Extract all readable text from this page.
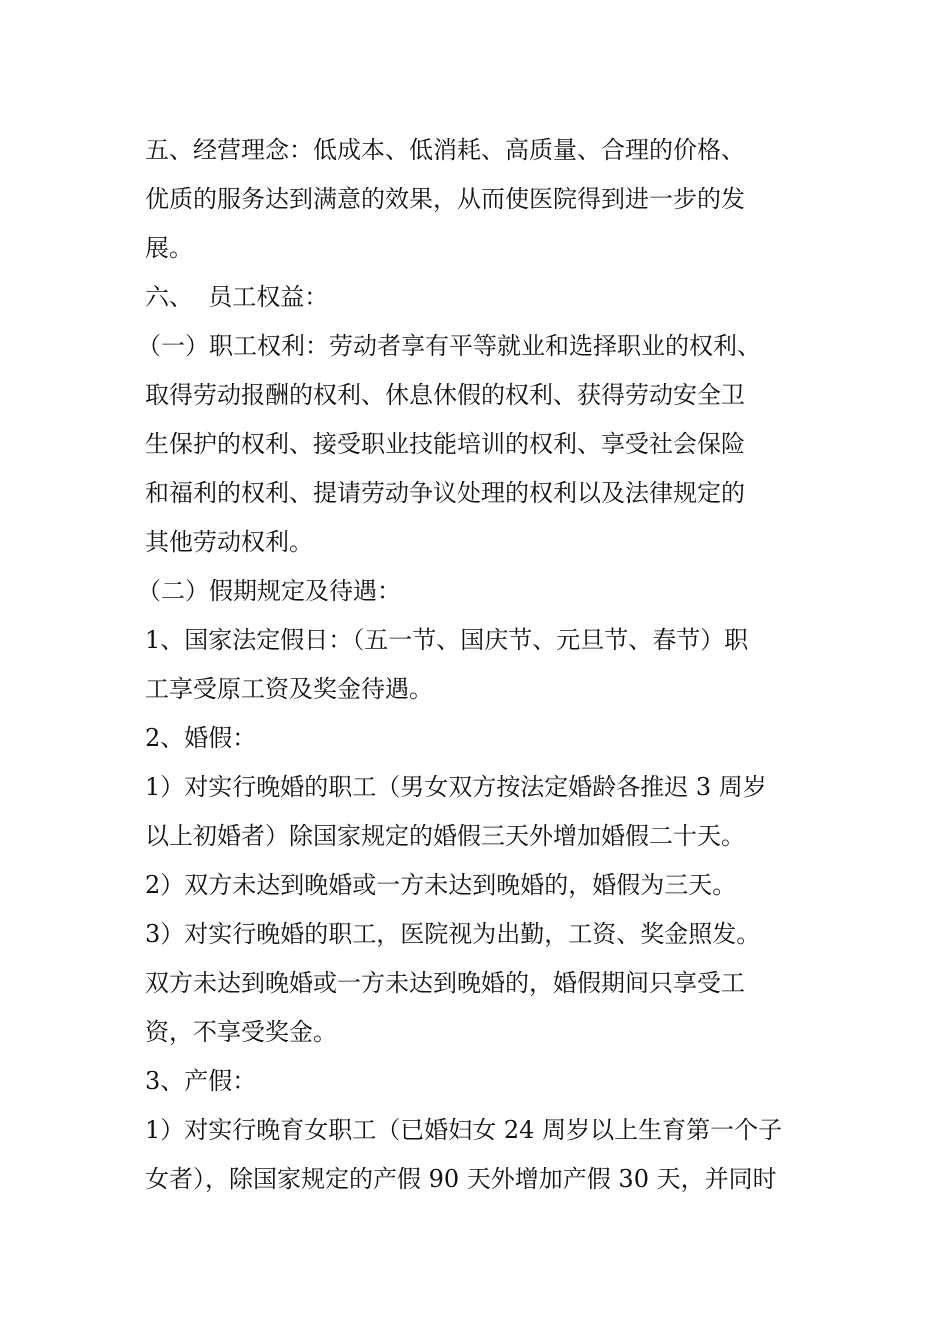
五、经营理念：低成本、低消耗、高质量、合理的价格、
优质的服务达到满意的效果，从而使医院得到进一步的发
展。

六、  员工权益：

（一）职工权利：劳动者享有平等就业和选择职业的权利、
取得劳动报酬的权利、休息休假的权利、获得劳动安全卫
生保护的权利、接受职业技能培训的权利、享受社会保险
和福利的权利、提请劳动争议处理的权利以及法律规定的
其他劳动权利。

（二）假期规定及待遇：

1、国家法定假日：（五一节、国庆节、元旦节、春节）职
工享受原工资及奖金待遇。

2、婚假：

1）对实行晚婚的职工（男女双方按法定婚龄各推迟 3 周岁
以上初婚者）除国家规定的婚假三天外增加婚假二十天。

2）双方未达到晚婚或一方未达到晚婚的，婚假为三天。

3）对实行晚婚的职工，医院视为出勤，工资、奖金照发。
双方未达到晚婚或一方未达到晚婚的，婚假期间只享受工
资，不享受奖金。

3、产假：

1）对实行晚育女职工（已婚妇女 24 周岁以上生育第一个子
女者），除国家规定的产假 90 天外增加产假 30 天，并同时
